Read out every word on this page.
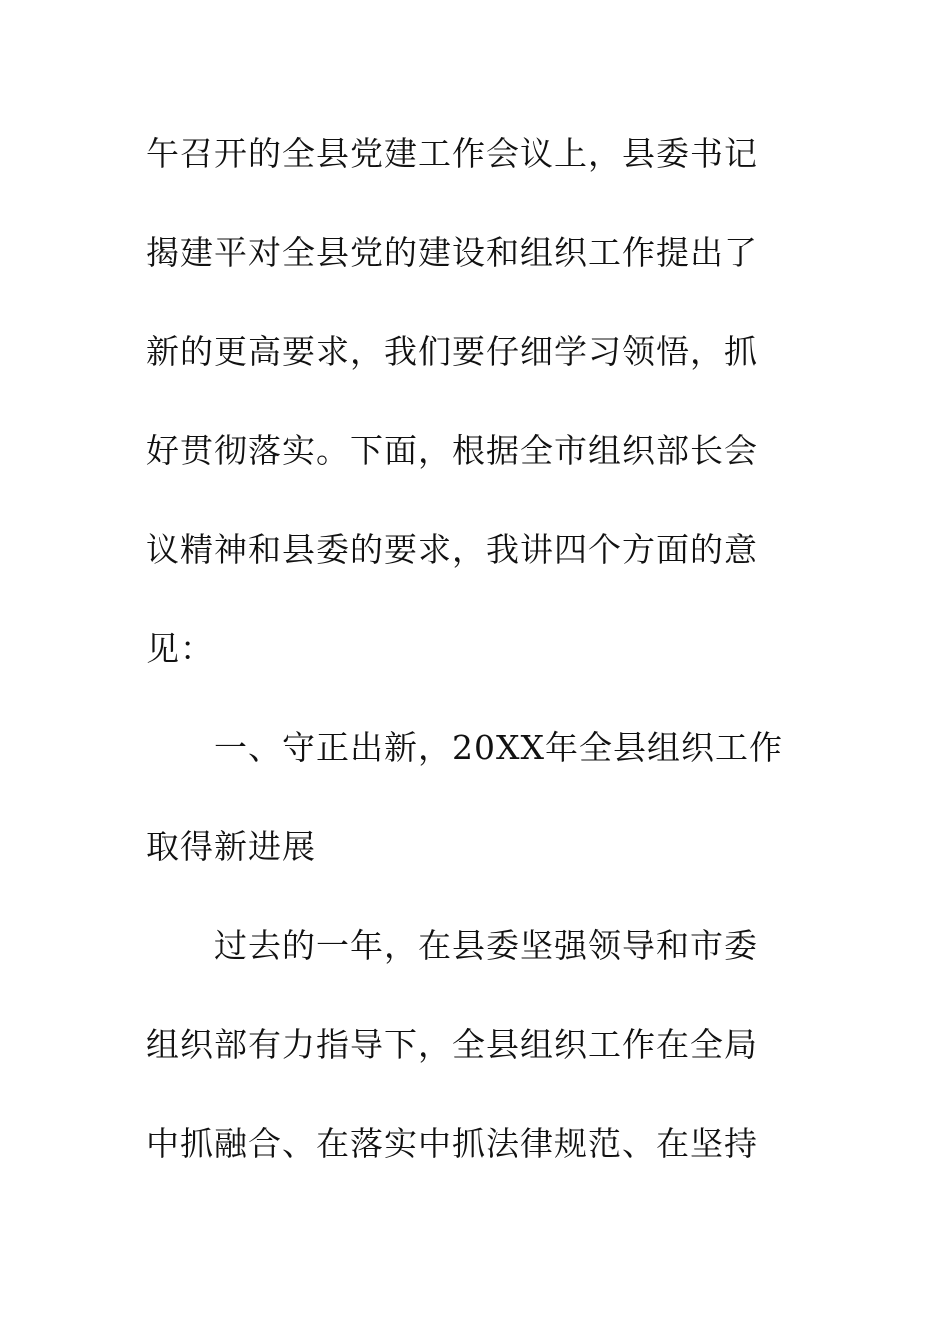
午召开的全县党建工作会议上，县委书记
揭建平对全县党的建设和组织工作提出了
新的更高要求，我们要仔细学习领悟，抓
好贯彻落实。下面，根据全市组织部长会
议精神和县委的要求，我讲四个方面的意
见：
一、守正出新，20XX年全县组织工作
取得新进展
过去的一年，在县委坚强领导和市委
组织部有力指导下，全县组织工作在全局
中抓融合、在落实中抓法律规范、在坚持
